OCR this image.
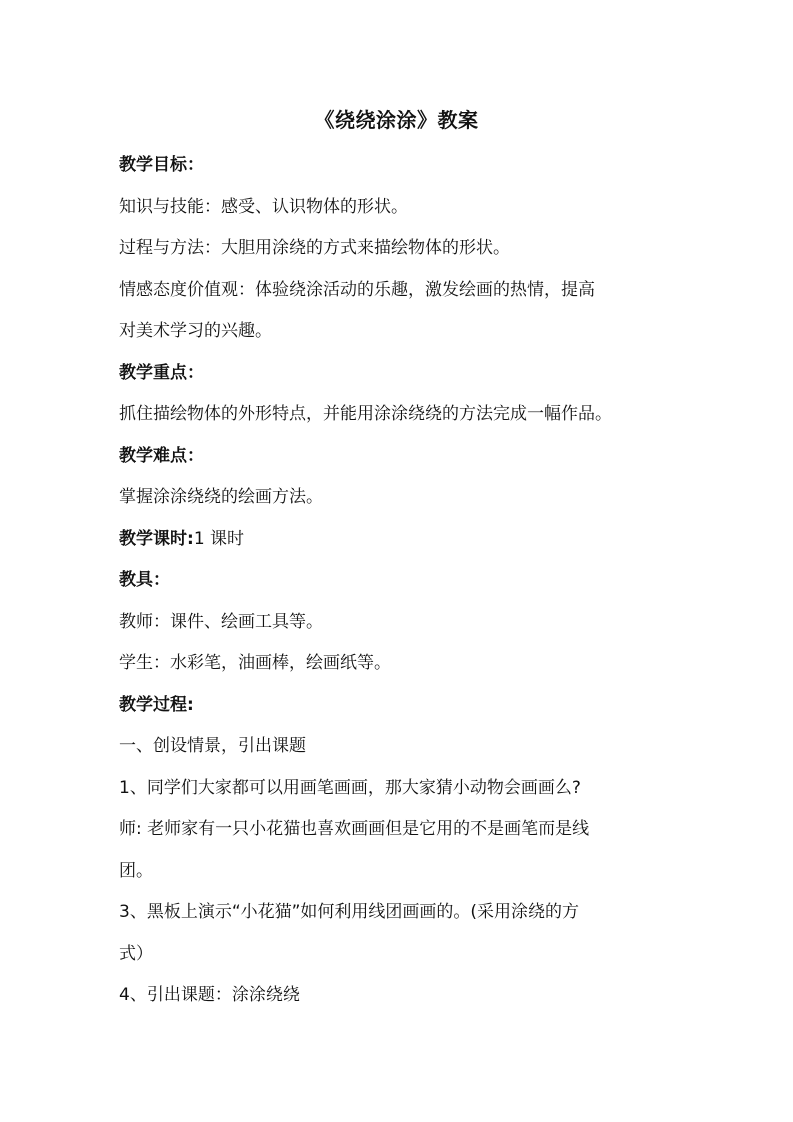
《绕绕涂涂》教案
教学目标：
知识与技能：感受、认识物体的形状。
过程与方法：大胆用涂绕的方式来描绘物体的形状。
情感态度价值观：体验绕涂活动的乐趣，激发绘画的热情，提高
对美术学习的兴趣。
教学重点：
抓住描绘物体的外形特点，并能用涂涂绕绕的方法完成一幅作品。
教学难点：
掌握涂涂绕绕的绘画方法。
教学课时:1 课时
教具：
教师：课件、绘画工具等。
学生：水彩笔，油画棒，绘画纸等。
教学过程:
一、创设情景，引出课题
1、同学们大家都可以用画笔画画，那大家猜小动物会画画么?
师: 老师家有一只小花猫也喜欢画画但是它用的不是画笔而是线
团。
3、黑板上演示“小花猫”如何利用线团画画的。(采用涂绕的方
式）
4、引出课题：涂涂绕绕
